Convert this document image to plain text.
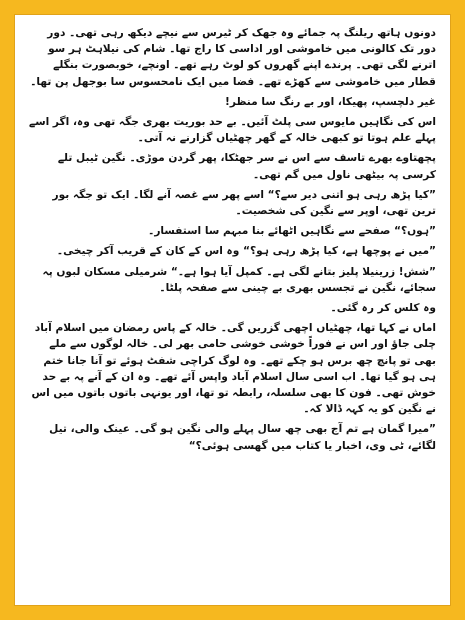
دونوں ہاتھ ریلنگ پہ جمائے وہ جھک کر ٹیرس سے نیچے دیکھ رہی تھی۔ دور دور تک کالونی میں خاموشی اور اداسی کا راج تھا۔ شام کی نیلاہٹ ہر سو اترنے لگی تھی۔ پرندے اپنے گھروں کو لوٹ رہے تھے۔ اونچے، خوبصورت بنگلے قطار میں خاموشی سے کھڑے تھے۔ فضا میں ایک نامحسوس سا بوجھل پن تھا۔

غیر دلچسپ، پھیکا، اور بے رنگ سا منظر!

اس کی نگاہیں مایوس سی پلٹ آئیں۔ بے حد بوریت بھری جگہ تھی وہ، اگر اسے پہلے علم ہوتا تو کبھی خالہ کے گھر چھٹیاں گزارنے نہ آتی۔

پچھتاوے بھرے تاسف سے اس نے سر جھٹکا، پھر گردن موڑی۔ نگین ٹیبل تلے کرسی پہ بیٹھی ناول میں گم تھی۔

”کیا پڑھ رہی ہو اتنی دیر سے؟“ اسے پھر سے غصہ آنے لگا۔ ایک تو جگہ بور ترین تھی، اوپر سے نگین کی شخصیت۔

”ہوں؟“ صفحے سے نگاہیں اٹھائے بنا مبہم سا استفسار۔

”میں نے پوچھا ہے، کیا پڑھ رہی ہو؟“ وہ اس کے کان کے قریب آکر چیخی۔

”شش! زرینیلا پلیز بتانے لگی ہے۔ کمپل آیا ہوا ہے۔“ شرمیلی مسکان لبوں پہ سجائے، نگین نے تجسس بھری بے چینی سے صفحہ پلٹا۔

وہ کلس کر رہ گئی۔

اماں نے کہا تھا، چھٹیاں اچھی گزریں گی۔ خالہ کے پاس رمضان میں اسلام آباد چلی جاؤ اور اس نے فوراً خوشی خوشی حامی بھر لی۔ خالہ لوگوں سے ملے بھی تو پانچ چھ برس ہو چکے تھے۔ وہ لوگ کراچی شفٹ ہوئے تو آنا جانا ختم ہی ہو گیا تھا۔ اب اسی سال اسلام آباد واپس آئے تھے۔ وہ ان کے آنے پہ بے حد خوش تھی۔ فون کا بھی سلسلہ، رابطہ تو تھا، اور یونہی باتوں باتوں میں اس نے نگین کو یہ کہہ ڈالا کہ۔

”میرا گمان ہے تم آج بھی چھ سال پہلے والی نگین ہو گی۔ عینک والی، تیل لگائے، ٹی وی، اخبار یا کتاب میں گھسی ہوئی؟“
